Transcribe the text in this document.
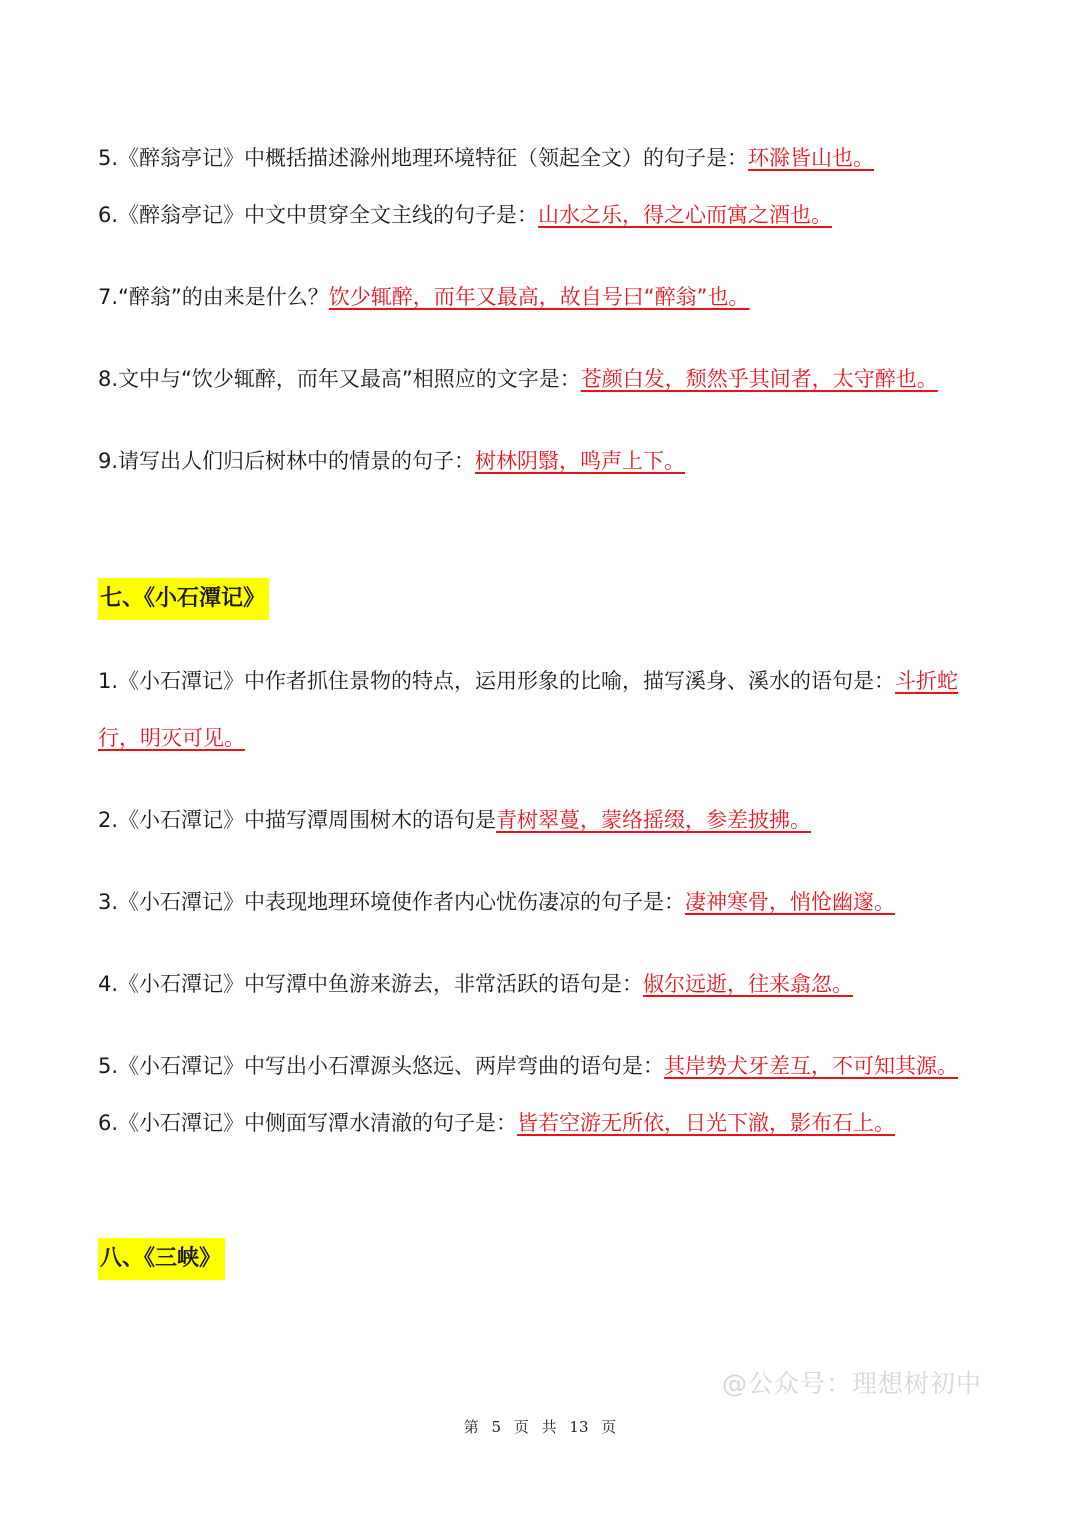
5.《醉翁亭记》中概括描述滁州地理环境特征（领起全文）的句子是：环滁皆山也。
6.《醉翁亭记》中文中贯穿全文主线的句子是：山水之乐，得之心而寓之酒也。
7.“醉翁”的由来是什么？饮少辄醉，而年又最高，故自号曰“醉翁”也。
8.文中与“饮少辄醉，而年又最高”相照应的文字是：苍颜白发，颓然乎其间者，太守醉也。
9.请写出人们归后树林中的情景的句子：树林阴翳，鸣声上下。
七、《小石潭记》
1.《小石潭记》中作者抓住景物的特点，运用形象的比喻，描写溪身、溪水的语句是：斗折蛇
行，明灭可见。
2.《小石潭记》中描写潭周围树木的语句是青树翠蔓，蒙络摇缀，参差披拂。
3.《小石潭记》中表现地理环境使作者内心忧伤凄凉的句子是：凄神寒骨，悄怆幽邃。
4.《小石潭记》中写潭中鱼游来游去，非常活跃的语句是：俶尔远逝，往来翕忽。
5.《小石潭记》中写出小石潭源头悠远、两岸弯曲的语句是：其岸势犬牙差互，不可知其源。
6.《小石潭记》中侧面写潭水清澈的句子是：皆若空游无所依，日光下澈，影布石上。
八、《三峡》
@公众号：理想树初中
第 5 页 共 13 页
